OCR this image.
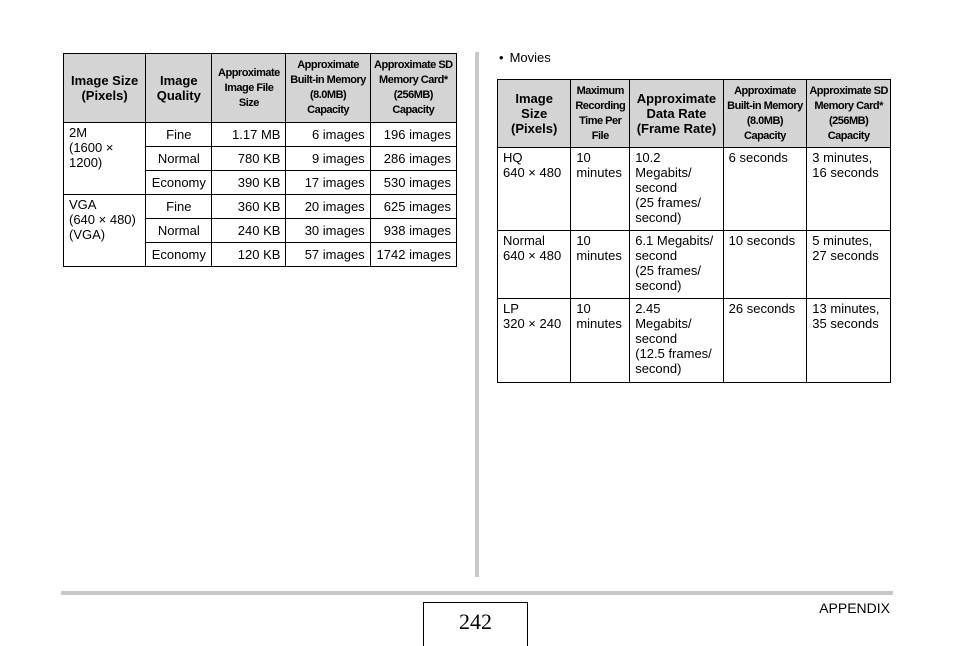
Image Size (Pixels)	Image Quality	Approximate Image File Size	Approximate Built-in Memory (8.0MB) Capacity	Approximate SD Memory Card* (256MB) Capacity
2M
(1600 ×
1200)	Fine	1.17 MB	6 images	196 images
	Normal	780 KB	9 images	286 images
	Economy	390 KB	17 images	530 images
VGA
(640 × 480)
(VGA)	Fine	360 KB	20 images	625 images
	Normal	240 KB	30 images	938 images
	Economy	120 KB	57 images	1742 images
• Movies
Image Size (Pixels)	Maximum Recording Time Per File	Approximate Data Rate (Frame Rate)	Approximate Built-in Memory (8.0MB) Capacity	Approximate SD Memory Card* (256MB) Capacity
HQ
640 × 480	10
minutes	10.2
Megabits/
second
(25 frames/
second)	6 seconds	3 minutes,
16 seconds
Normal
640 × 480	10
minutes	6.1 Megabits/
second
(25 frames/
second)	10 seconds	5 minutes,
27 seconds
LP
320 × 240	10
minutes	2.45
Megabits/
second
(12.5 frames/
second)	26 seconds	13 minutes,
35 seconds
242
APPENDIX
